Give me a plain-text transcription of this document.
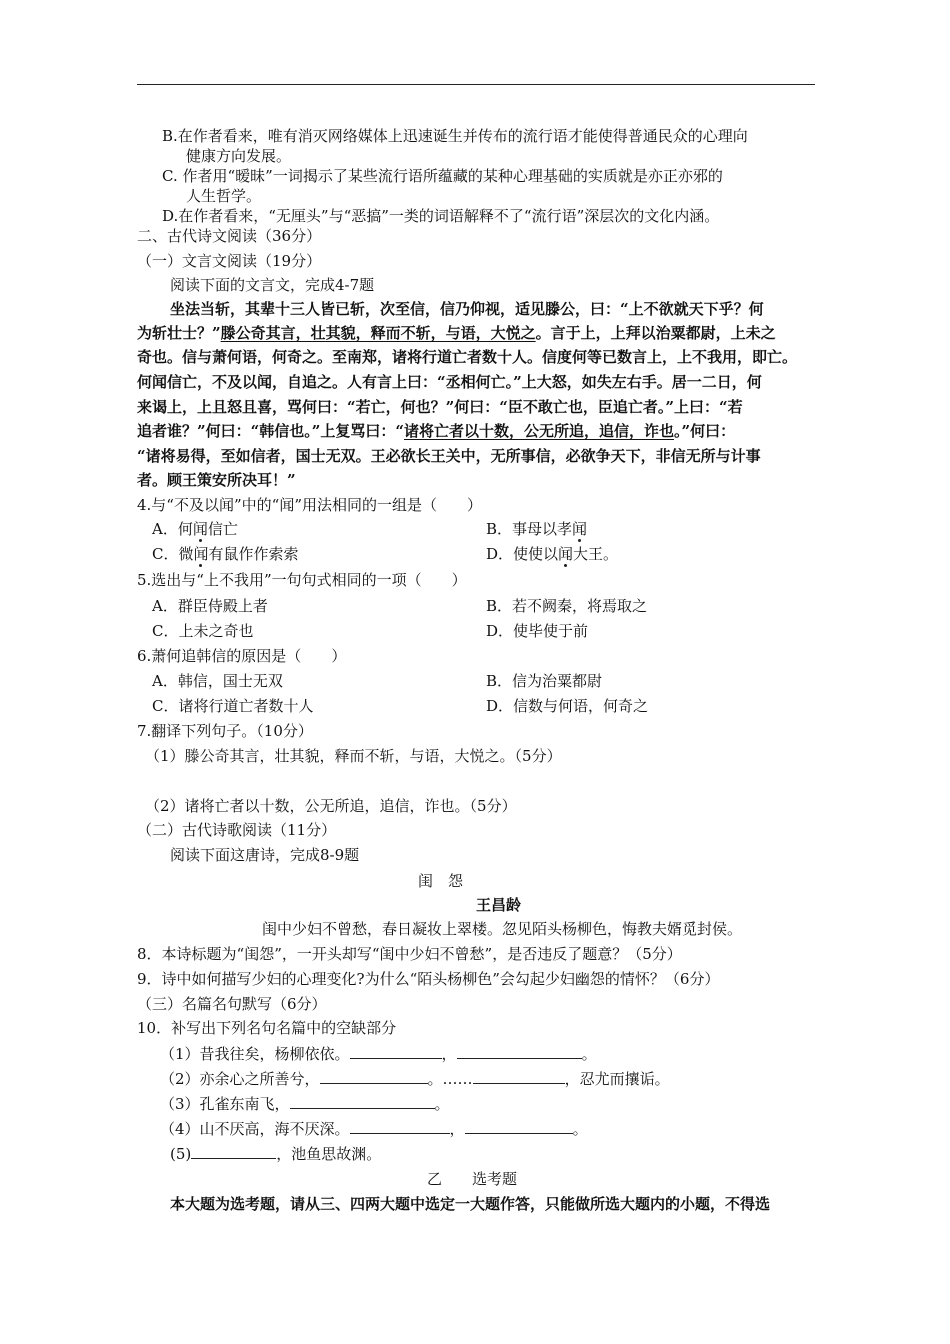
B.在作者看来，唯有消灭网络媒体上迅速诞生并传布的流行语才能使得普通民众的心理向
健康方向发展。
C. 作者用“暧昧”一词揭示了某些流行语所蕴藏的某种心理基础的实质就是亦正亦邪的
人生哲学。
D.在作者看来，“无厘头”与“恶搞”一类的词语解释不了“流行语”深层次的文化内涵。
二、古代诗文阅读（36分）
（一）文言文阅读（19分）
阅读下面的文言文，完成4-7题
坐法当斩，其辈十三人皆已斩，次至信，信乃仰视，适见滕公，曰：“上不欲就天下乎？何
为斩壮士？”滕公奇其言，壮其貌，释而不斩，与语，大悦之。言于上，上拜以治粟都尉，上未之
奇也。信与萧何语，何奇之。至南郑，诸将行道亡者数十人。信度何等已数言上，上不我用，即亡。
何闻信亡，不及以闻，自追之。人有言上曰：“丞相何亡。”上大怒，如失左右手。居一二日，何
来谒上，上且怒且喜，骂何曰：“若亡，何也？”何曰：“臣不敢亡也，臣追亡者。”上曰：“若
追者谁？”何曰：“韩信也。”上复骂曰：“诸将亡者以十数，公无所追，追信，诈也。”何曰：
“诸将易得，至如信者，国士无双。王必欲长王关中，无所事信，必欲争天下，非信无所与计事
者。顾王策安所决耳！”
4.与“不及以闻”中的“闻”用法相同的一组是（　　）
A．何闻信亡	B．事母以孝闻
C．微闻有鼠作作索索	D．使使以闻大王。
5.选出与“上不我用”一句句式相同的一项（　　）
A．群臣侍殿上者	B．若不阙秦，将焉取之
C．上未之奇也	D．使毕使于前
6.萧何追韩信的原因是（　　）
A．韩信，国士无双	B．信为治粟都尉
C．诸将行道亡者数十人	D．信数与何语，何奇之
7.翻译下列句子。（10分）
（1）滕公奇其言，壮其貌，释而不斩，与语，大悦之。（5分）
（2）诸将亡者以十数，公无所追，追信，诈也。（5分）
（二）古代诗歌阅读（11分）
阅读下面这唐诗，完成8-9题
闺　怨
王昌龄
闺中少妇不曾愁，春日凝妆上翠楼。忽见陌头杨柳色，悔教夫婿觅封侯。
8．本诗标题为“闺怨”，一开头却写“闺中少妇不曾愁”，是否违反了题意？（5分）
9．诗中如何描写少妇的心理变化?为什么“陌头杨柳色”会勾起少妇幽怨的情怀？（6分）
（三）名篇名句默写（6分）
10．补写出下列名句名篇中的空缺部分
（1）昔我往矣，杨柳依依。	，	。
（2）亦余心之所善兮，	。……	，忍尤而攘诟。
（3）孔雀东南飞，	。
（4）山不厌高，海不厌深。	，	。
(5)	，池鱼思故渊。
乙　　选考题
本大题为选考题，请从三、四两大题中选定一大题作答，只能做所选大题内的小题，不得选
